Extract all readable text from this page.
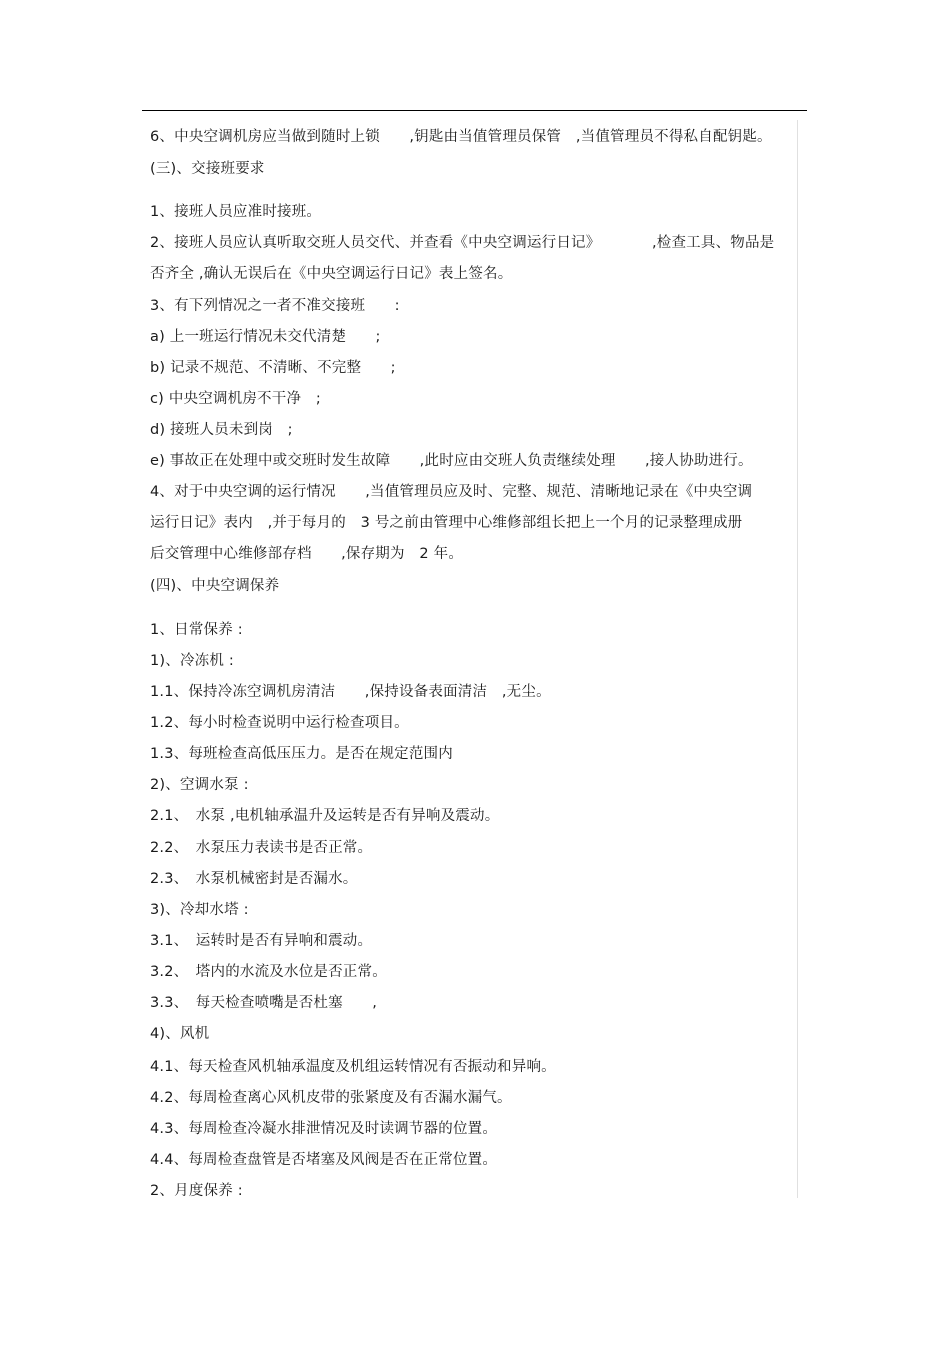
6、中央空调机房应当做到随时上锁　　,钥匙由当值管理员保管　,当值管理员不得私自配钥匙。
(三)、交接班要求
1、接班人员应准时接班。
2、接班人员应认真听取交班人员交代、并查看《中央空调运行日记》　　　　,检查工具、物品是
否齐全 ,确认无误后在《中央空调运行日记》表上签名。
3、有下列情况之一者不准交接班　　:
a) 上一班运行情况未交代清楚　　;
b) 记录不规范、不清晰、不完整　　;
c) 中央空调机房不干净　;
d) 接班人员未到岗　;
e) 事故正在处理中或交班时发生故障　　,此时应由交班人负责继续处理　　,接人协助进行。
4、对于中央空调的运行情况　　,当值管理员应及时、完整、规范、清晰地记录在《中央空调
运行日记》表内　,并于每月的　3 号之前由管理中心维修部组长把上一个月的记录整理成册
后交管理中心维修部存档　　,保存期为　2 年。
(四)、中央空调保养
1、日常保养 :
1)、冷冻机 :
1.1、保持冷冻空调机房清洁　　,保持设备表面清洁　,无尘。
1.2、每小时检查说明中运行检查项目。
1.3、每班检查高低压压力。是否在规定范围内
2)、空调水泵 :
2.1、　水泵 ,电机轴承温升及运转是否有异响及震动。
2.2、　水泵压力表读书是否正常。
2.3、　水泵机械密封是否漏水。
3)、冷却水塔 :
3.1、　运转时是否有异响和震动。
3.2、　塔内的水流及水位是否正常。
3.3、　每天检查喷嘴是否杜塞　　,
4)、风机
4.1、每天检查风机轴承温度及机组运转情况有否振动和异响。
4.2、每周检查离心风机皮带的张紧度及有否漏水漏气。
4.3、每周检查冷凝水排泄情况及时读调节器的位置。
4.4、每周检查盘管是否堵塞及风阀是否在正常位置。
2、月度保养 :
